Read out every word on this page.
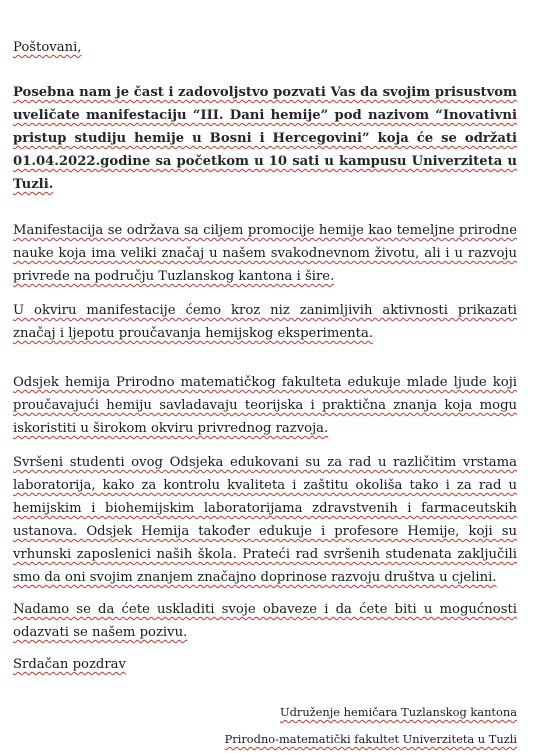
Poštovani,

Posebna nam je čast i zadovoljstvo pozvati Vas da svojim prisustvom uveličate manifestaciju “III. Dani hemije” pod nazivom “Inovativni pristup studiju hemije u Bosni i Hercegovini” koja će se održati 01.04.2022.godine sa početkom u 10 sati u kampusu Univerziteta u Tuzli.

Manifestacija se održava sa ciljem promocije hemije kao temeljne prirodne nauke koja ima veliki značaj u našem svakodnevnom životu, ali i u razvoju privrede na području Tuzlanskog kantona i šire.

U okviru manifestacije ćemo kroz niz zanimljivih aktivnosti prikazati značaj i ljepotu proučavanja hemijskog eksperimenta.

Odsjek hemija Prirodno matematičkog fakulteta edukuje mlade ljude koji proučavajući hemiju savladavaju teorijska i praktična znanja koja mogu iskoristiti u širokom okviru privrednog razvoja.

Svršeni studenti ovog Odsjeka edukovani su za rad u različitim vrstama laboratorija, kako za kontrolu kvaliteta i zaštitu okoliša tako i za rad u hemijskim i biohemijskim laboratorijama zdravstvenih i farmaceutskih ustanova. Odsjek Hemija također edukuje i profesore Hemije, koji su vrhunski zaposlenici naših škola. Prateći rad svršenih studenata zaključili smo da oni svojim znanjem značajno doprinose razvoju društva u cjelini.

Nadamo se da ćete uskladiti svoje obaveze i da ćete biti u mogućnosti odazvati se našem pozivu.

Srdačan pozdrav

Udruženje hemičara Tuzlanskog kantona

Prirodno-matematički fakultet Univerziteta u Tuzli
